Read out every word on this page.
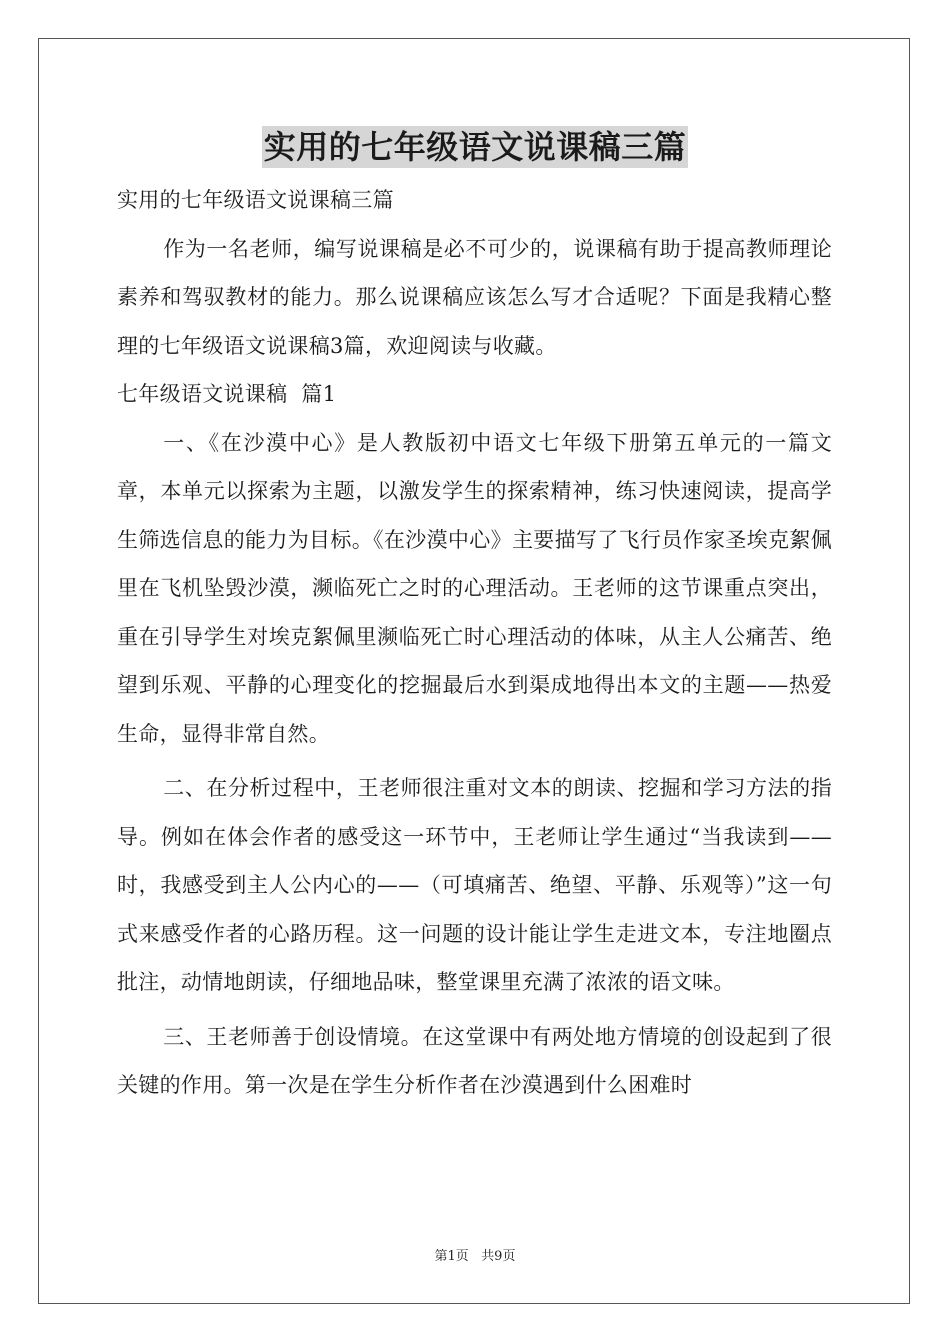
实用的七年级语文说课稿三篇

实用的七年级语文说课稿三篇

作为一名老师，编写说课稿是必不可少的，说课稿有助于提高教师理论素养和驾驭教材的能力。那么说课稿应该怎么写才合适呢？下面是我精心整理的七年级语文说课稿3篇，欢迎阅读与收藏。

七年级语文说课稿  篇1

一、《在沙漠中心》是人教版初中语文七年级下册第五单元的一篇文章，本单元以探索为主题，以激发学生的探索精神，练习快速阅读，提高学生筛选信息的能力为目标。《在沙漠中心》主要描写了飞行员作家圣埃克絮佩里在飞机坠毁沙漠，濒临死亡之时的心理活动。王老师的这节课重点突出，重在引导学生对埃克絮佩里濒临死亡时心理活动的体味，从主人公痛苦、绝望到乐观、平静的心理变化的挖掘最后水到渠成地得出本文的主题——热爱生命，显得非常自然。

二、在分析过程中，王老师很注重对文本的朗读、挖掘和学习方法的指导。例如在体会作者的感受这一环节中，王老师让学生通过“当我读到——时，我感受到主人公内心的——（可填痛苦、绝望、平静、乐观等）”这一句式来感受作者的心路历程。这一问题的设计能让学生走进文本，专注地圈点批注，动情地朗读，仔细地品味，整堂课里充满了浓浓的语文味。

三、王老师善于创设情境。在这堂课中有两处地方情境的创设起到了很关键的作用。第一次是在学生分析作者在沙漠遇到什么困难时

第1页   共9页
